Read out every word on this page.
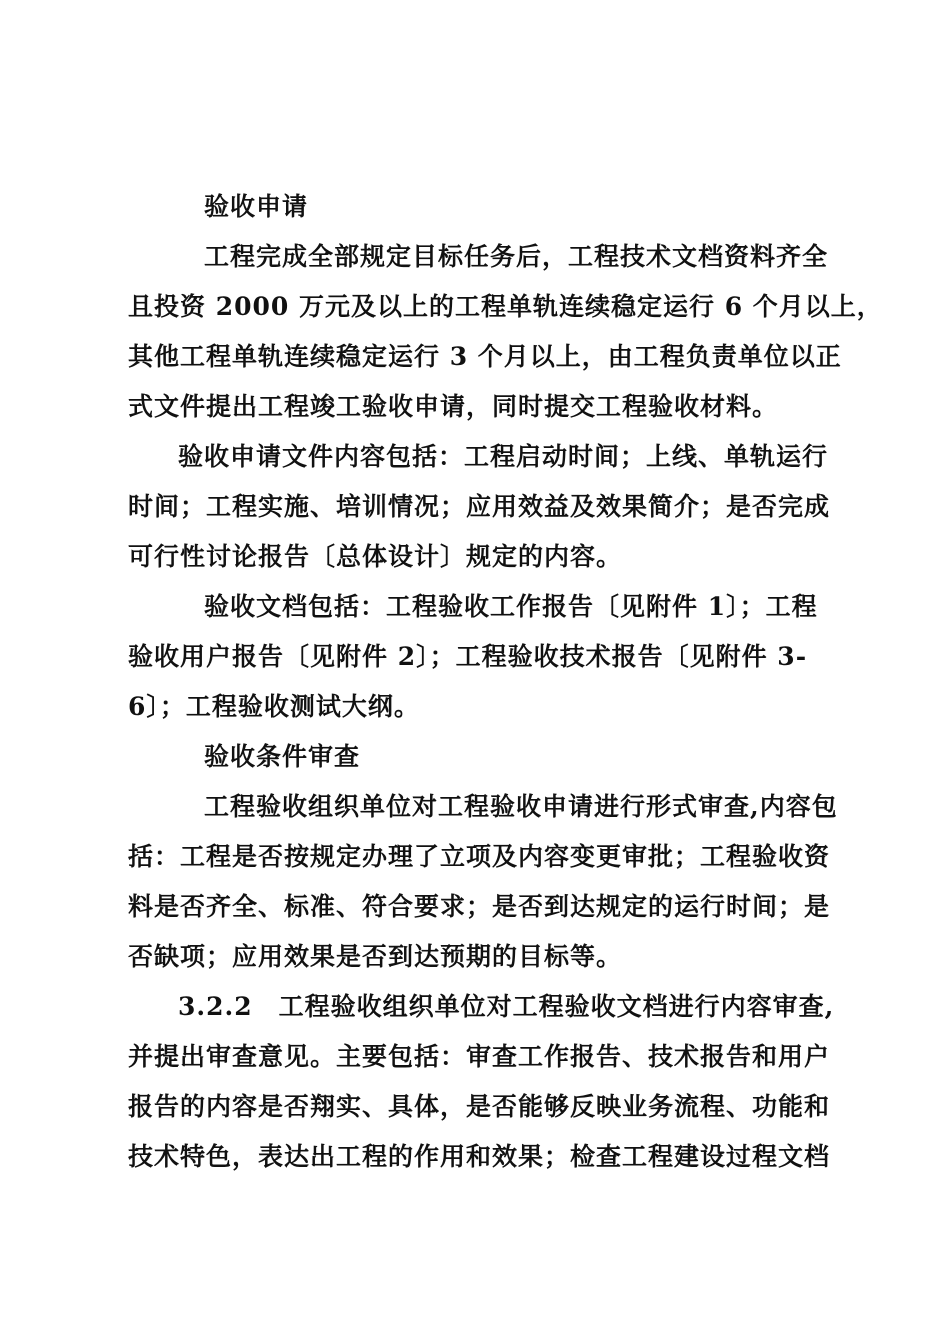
验收申请
工程完成全部规定目标任务后，工程技术文档资料齐全
且投资 2000 万元及以上的工程单轨连续稳定运行 6 个月以上，
其他工程单轨连续稳定运行 3 个月以上，由工程负责单位以正
式文件提出工程竣工验收申请，同时提交工程验收材料。
验收申请文件内容包括：工程启动时间；上线、单轨运行
时间；工程实施、培训情况；应用效益及效果简介；是否完成
可行性讨论报告〔总体设计〕规定的内容。
验收文档包括：工程验收工作报告〔见附件 1〕；工程
验收用户报告〔见附件 2〕；工程验收技术报告〔见附件 3-
6〕；工程验收测试大纲。
验收条件审查
工程验收组织单位对工程验收申请进行形式审查,内容包
括：工程是否按规定办理了立项及内容变更审批；工程验收资
料是否齐全、标准、符合要求；是否到达规定的运行时间；是
否缺项；应用效果是否到达预期的目标等。
3.2.2　工程验收组织单位对工程验收文档进行内容审查,
并提出审查意见。主要包括：审查工作报告、技术报告和用户
报告的内容是否翔实、具体，是否能够反映业务流程、功能和
技术特色，表达出工程的作用和效果；检查工程建设过程文档
